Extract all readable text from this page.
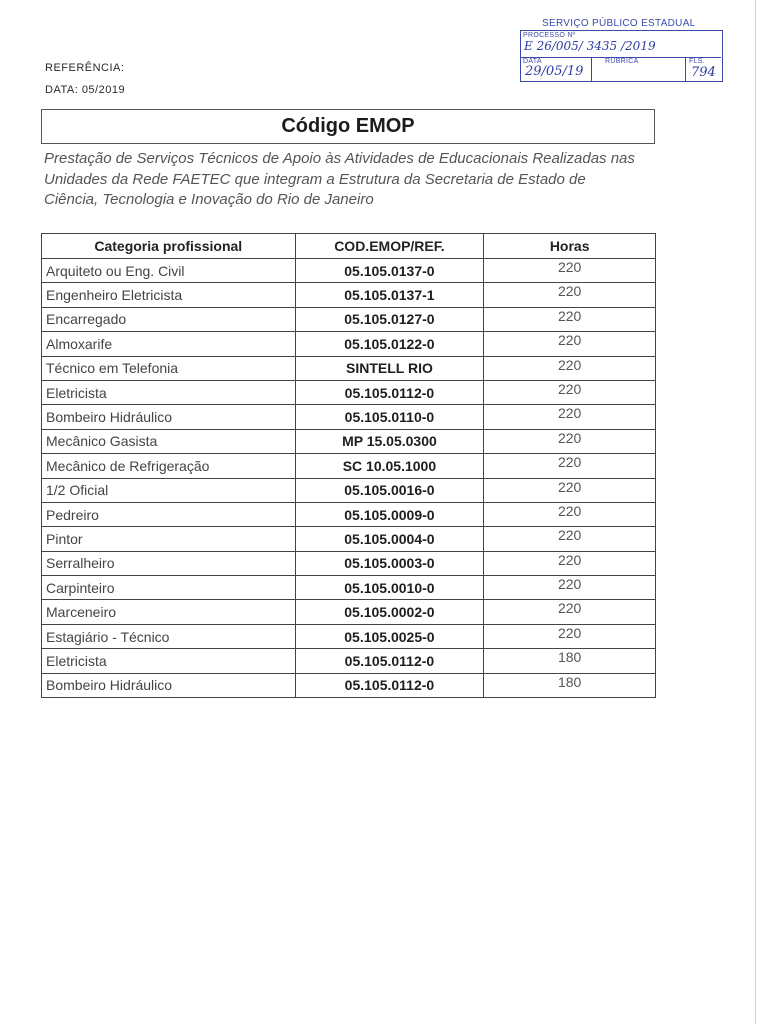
REFERÊNCIA:
DATA: 05/2019
SERVIÇO PÚBLICO ESTADUAL
PROCESSO Nº
E 26/005/ 3435 /2019
DATA
29/05/19
RUBRICA	FLS.
794
Código EMOP
Prestação de Serviços Técnicos de Apoio às Atividades de Educacionais Realizadas nas Unidades da Rede FAETEC que integram a Estrutura da Secretaria de Estado de Ciência, Tecnologia e Inovação do Rio de Janeiro
Categoria profissional	COD.EMOP/REF.	Horas
Arquiteto ou Eng. Civil	05.105.0137-0	220
Engenheiro Eletricista	05.105.0137-1	220
Encarregado	05.105.0127-0	220
Almoxarife	05.105.0122-0	220
Técnico em Telefonia	SINTELL RIO	220
Eletricista	05.105.0112-0	220
Bombeiro Hidráulico	05.105.0110-0	220
Mecânico Gasista	MP 15.05.0300	220
Mecânico de Refrigeração	SC 10.05.1000	220
1/2 Oficial	05.105.0016-0	220
Pedreiro	05.105.0009-0	220
Pintor	05.105.0004-0	220
Serralheiro	05.105.0003-0	220
Carpinteiro	05.105.0010-0	220
Marceneiro	05.105.0002-0	220
Estagiário - Técnico	05.105.0025-0	220
Eletricista	05.105.0112-0	180
Bombeiro Hidráulico	05.105.0112-0	180
